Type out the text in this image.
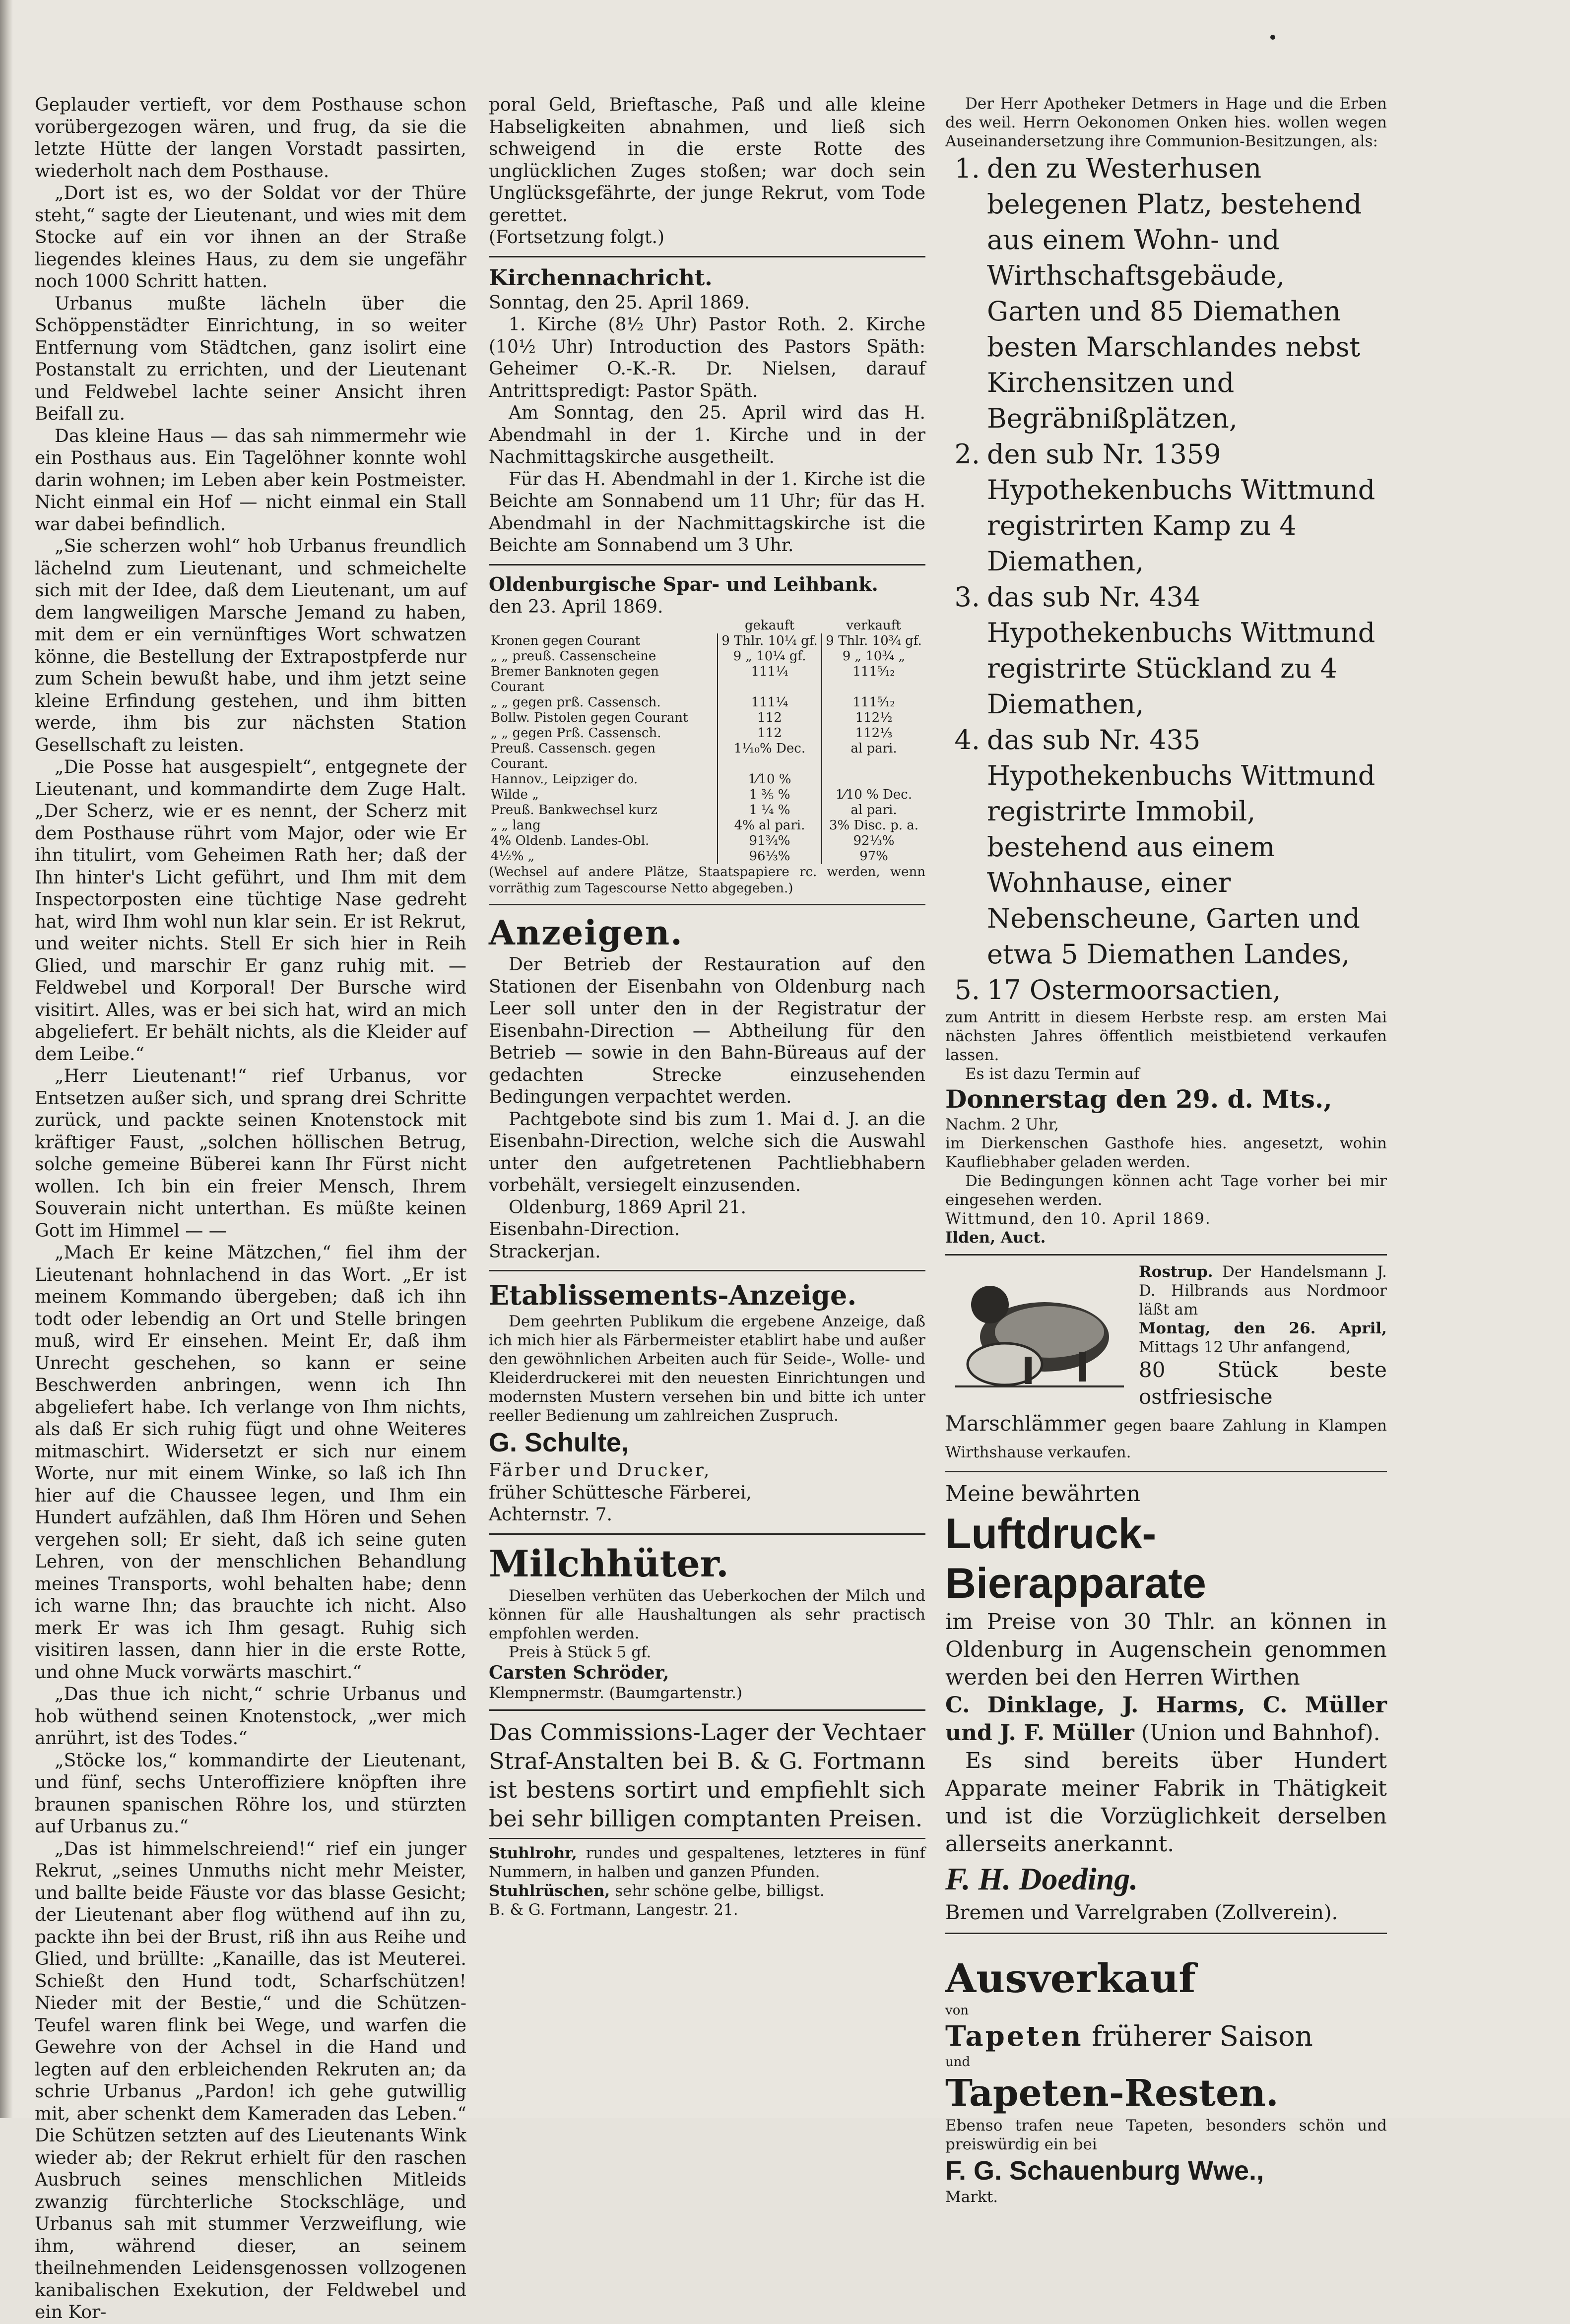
Geplauder vertieft, vor dem Posthause schon vorübergezogen wären, und frug, da sie die letzte Hütte der langen Vorstadt passirten, wiederholt nach dem Posthause.

„Dort ist es, wo der Soldat vor der Thüre steht,“ sagte der Lieutenant, und wies mit dem Stocke auf ein vor ihnen an der Straße liegendes kleines Haus, zu dem sie ungefähr noch 1000 Schritt hatten.

Urbanus mußte lächeln über die Schöppenstädter Einrichtung, in so weiter Entfernung vom Städtchen, ganz isolirt eine Postanstalt zu errichten, und der Lieutenant und Feldwebel lachte seiner Ansicht ihren Beifall zu.

Das kleine Haus — das sah nimmermehr wie ein Posthaus aus. Ein Tagelöhner konnte wohl darin wohnen; im Leben aber kein Postmeister. Nicht einmal ein Hof — nicht einmal ein Stall war dabei befindlich.

„Sie scherzen wohl“ hob Urbanus freundlich lächelnd zum Lieutenant, und schmeichelte sich mit der Idee, daß dem Lieutenant, um auf dem langweiligen Marsche Jemand zu haben, mit dem er ein vernünftiges Wort schwatzen könne, die Bestellung der Extrapostpferde nur zum Schein bewußt habe, und ihm jetzt seine kleine Erfindung gestehen, und ihm bitten werde, ihm bis zur nächsten Station Gesellschaft zu leisten.

„Die Posse hat ausgespielt“, entgegnete der Lieutenant, und kommandirte dem Zuge Halt. „Der Scherz, wie er es nennt, der Scherz mit dem Posthause rührt vom Major, oder wie Er ihn titulirt, vom Geheimen Rath her; daß der Ihn hinter's Licht geführt, und Ihm mit dem Inspectorposten eine tüchtige Nase gedreht hat, wird Ihm wohl nun klar sein. Er ist Rekrut, und weiter nichts. Stell Er sich hier in Reih Glied, und marschir Er ganz ruhig mit. — Feldwebel und Korporal! Der Bursche wird visitirt. Alles, was er bei sich hat, wird an mich abgeliefert. Er behält nichts, als die Kleider auf dem Leibe.“

„Herr Lieutenant!“ rief Urbanus, vor Entsetzen außer sich, und sprang drei Schritte zurück, und packte seinen Knotenstock mit kräftiger Faust, „solchen höllischen Betrug, solche gemeine Büberei kann Ihr Fürst nicht wollen. Ich bin ein freier Mensch, Ihrem Souverain nicht unterthan. Es müßte keinen Gott im Himmel — —

„Mach Er keine Mätzchen,“ fiel ihm der Lieutenant hohnlachend in das Wort. „Er ist meinem Kommando übergeben; daß ich ihn todt oder lebendig an Ort und Stelle bringen muß, wird Er einsehen. Meint Er, daß ihm Unrecht geschehen, so kann er seine Beschwerden anbringen, wenn ich Ihn abgeliefert habe. Ich verlange von Ihm nichts, als daß Er sich ruhig fügt und ohne Weiteres mitmaschirt. Widersetzt er sich nur einem Worte, nur mit einem Winke, so laß ich Ihn hier auf die Chaussee legen, und Ihm ein Hundert aufzählen, daß Ihm Hören und Sehen vergehen soll; Er sieht, daß ich seine guten Lehren, von der menschlichen Behandlung meines Transports, wohl behalten habe; denn ich warne Ihn; das brauchte ich nicht. Also merk Er was ich Ihm gesagt. Ruhig sich visitiren lassen, dann hier in die erste Rotte, und ohne Muck vorwärts maschirt.“

„Das thue ich nicht,“ schrie Urbanus und hob wüthend seinen Knotenstock, „wer mich anrührt, ist des Todes.“

„Stöcke los,“ kommandirte der Lieutenant, und fünf, sechs Unteroffiziere knöpften ihre braunen spanischen Röhre los, und stürzten auf Urbanus zu.“

„Das ist himmelschreiend!“ rief ein junger Rekrut, „seines Unmuths nicht mehr Meister, und ballte beide Fäuste vor das blasse Gesicht; der Lieutenant aber flog wüthend auf ihn zu, packte ihn bei der Brust, riß ihn aus Reihe und Glied, und brüllte: „Kanaille, das ist Meuterei. Schießt den Hund todt, Scharfschützen! Nieder mit der Bestie,“ und die Schützen-Teufel waren flink bei Wege, und warfen die Gewehre von der Achsel in die Hand und legten auf den erbleichenden Rekruten an; da schrie Urbanus „Pardon! ich gehe gutwillig mit, aber schenkt dem Kameraden das Leben.“ Die Schützen setzten auf des Lieutenants Wink wieder ab; der Rekrut erhielt für den raschen Ausbruch seines menschlichen Mitleids zwanzig fürchterliche Stockschläge, und Urbanus sah mit stummer Verzweiflung, wie ihm, während dieser, an seinem theilnehmenden Leidensgenossen vollzogenen kanibalischen Exekution, der Feldwebel und ein Kor-

poral Geld, Brieftasche, Paß und alle kleine Habseligkeiten abnahmen, und ließ sich schweigend in die erste Rotte des unglücklichen Zuges stoßen; war doch sein Unglücksgefährte, der junge Rekrut, vom Tode gerettet.

(Fortsetzung folgt.)

Kirchennachricht.

Sonntag, den 25. April 1869.

1. Kirche (8½ Uhr) Pastor Roth. 2. Kirche (10½ Uhr) Introduction des Pastors Späth: Geheimer O.-K.-R. Dr. Nielsen, darauf Antrittspredigt: Pastor Späth.

Am Sonntag, den 25. April wird das H. Abendmahl in der 1. Kirche und in der Nachmittagskirche ausgetheilt.

Für das H. Abendmahl in der 1. Kirche ist die Beichte am Sonnabend um 11 Uhr; für das H. Abendmahl in der Nachmittagskirche ist die Beichte am Sonnabend um 3 Uhr.

Oldenburgische Spar- und Leihbank.

den 23. April 1869.

	gekauft	verkauft
Kronen gegen Courant	9 Thlr. 10¼ gf.	9 Thlr. 10¾ gf.
„ „ preuß. Cassenscheine	9 „ 10¼ gf.	9 „ 10¾ „
Bremer Banknoten gegen Courant	111¼	111⁵⁄₁₂
„ „ gegen prß. Cassensch.	111¼	111⁵⁄₁₂
Bollw. Pistolen gegen Courant	112	112½
„ „ gegen Prß. Cassensch.	112	112⅓
Preuß. Cassensch. gegen Courant.	1⅒% Dec.	al pari.
Hannov., Leipziger do.	1⁄10 %	
Wilde „	1 ⅗ %	1⁄10 % Dec.
Preuß. Bankwechsel kurz	1 ¼ %	al pari.
„ „ lang	4% al pari.	3% Disc. p. a.
4% Oldenb. Landes-Obl.	91¾%	92⅓%
4½% „	96⅓%	97%

(Wechsel auf andere Plätze, Staatspapiere rc. werden, wenn vorräthig zum Tagescourse Netto abgegeben.)

Anzeigen.

Der Betrieb der Restauration auf den Stationen der Eisenbahn von Oldenburg nach Leer soll unter den in der Registratur der Eisenbahn-Direction — Abtheilung für den Betrieb — sowie in den Bahn-Büreaus auf der gedachten Strecke einzusehenden Bedingungen verpachtet werden.

Pachtgebote sind bis zum 1. Mai d. J. an die Eisenbahn-Direction, welche sich die Auswahl unter den aufgetretenen Pachtliebhabern vorbehält, versiegelt einzusenden.

Oldenburg, 1869 April 21.

Eisenbahn-Direction.

Strackerjan.

Etablissements-Anzeige.

Dem geehrten Publikum die ergebene Anzeige, daß ich mich hier als Färbermeister etablirt habe und außer den gewöhnlichen Arbeiten auch für Seide-, Wolle- und Kleiderdruckerei mit den neuesten Einrichtungen und modernsten Mustern versehen bin und bitte ich unter reeller Bedienung um zahlreichen Zuspruch.

G. Schulte,

Färber und Drucker,

früher Schüttesche Färberei,

Achternstr. 7.

Milchhüter.

Dieselben verhüten das Ueberkochen der Milch und können für alle Haushaltungen als sehr practisch empfohlen werden.

Preis à Stück 5 gf.

Carsten Schröder,

Klempnermstr. (Baumgartenstr.)

Das Commissions-Lager der Vechtaer Straf-Anstalten bei B. & G. Fortmann ist bestens sortirt und empfiehlt sich bei sehr billigen comptanten Preisen.

Stuhlrohr, rundes und gespaltenes, letzteres in fünf Nummern, in halben und ganzen Pfunden.

Stuhlrüschen, sehr schöne gelbe, billigst.

B. & G. Fortmann, Langestr. 21.

Der Herr Apotheker Detmers in Hage und die Erben des weil. Herrn Oekonomen Onken hies. wollen wegen Auseinandersetzung ihre Communion-Besitzungen, als:

1. den zu Westerhusen belegenen Platz, bestehend aus einem Wohn- und Wirthschaftsgebäude, Garten und 85 Diemathen besten Marschlandes nebst Kirchensitzen und Begräbnißplätzen,

2. den sub Nr. 1359 Hypothekenbuchs Wittmund registrirten Kamp zu 4 Diemathen,

3. das sub Nr. 434 Hypothekenbuchs Wittmund registrirte Stückland zu 4 Diemathen,

4. das sub Nr. 435 Hypothekenbuchs Wittmund registrirte Immobil, bestehend aus einem Wohnhause, einer Nebenscheune, Garten und etwa 5 Diemathen Landes,

5. 17 Ostermoorsactien,

zum Antritt in diesem Herbste resp. am ersten Mai nächsten Jahres öffentlich meistbietend verkaufen lassen.

Es ist dazu Termin auf

Donnerstag den 29. d. Mts.,

Nachm. 2 Uhr,

im Dierkenschen Gasthofe hies. angesetzt, wohin Kaufliebhaber geladen werden.

Die Bedingungen können acht Tage vorher bei mir eingesehen werden.

Wittmund, den 10. April 1869.

Ilden, Auct.

Rostrup. Der Handelsmann J. D. Hilbrands aus Nordmoor läßt am

Montag, den 26. April, Mittags 12 Uhr anfangend,

80 Stück beste ostfriesische Marschlämmer gegen baare Zahlung in Klampen Wirthshause verkaufen.

Meine bewährten

Luftdruck-

Bierapparate

im Preise von 30 Thlr. an können in Oldenburg in Augenschein genommen werden bei den Herren Wirthen

C. Dinklage, J. Harms, C. Müller und J. F. Müller (Union und Bahnhof).

Es sind bereits über Hundert Apparate meiner Fabrik in Thätigkeit und ist die Vorzüglichkeit derselben allerseits anerkannt.

F. H. Doeding.

Bremen und Varrelgraben (Zollverein).

Ausverkauf

von

Tapeten früherer Saison

und

Tapeten-Resten.

Ebenso trafen neue Tapeten, besonders schön und preiswürdig ein bei

F. G. Schauenburg Wwe.,

Markt.
